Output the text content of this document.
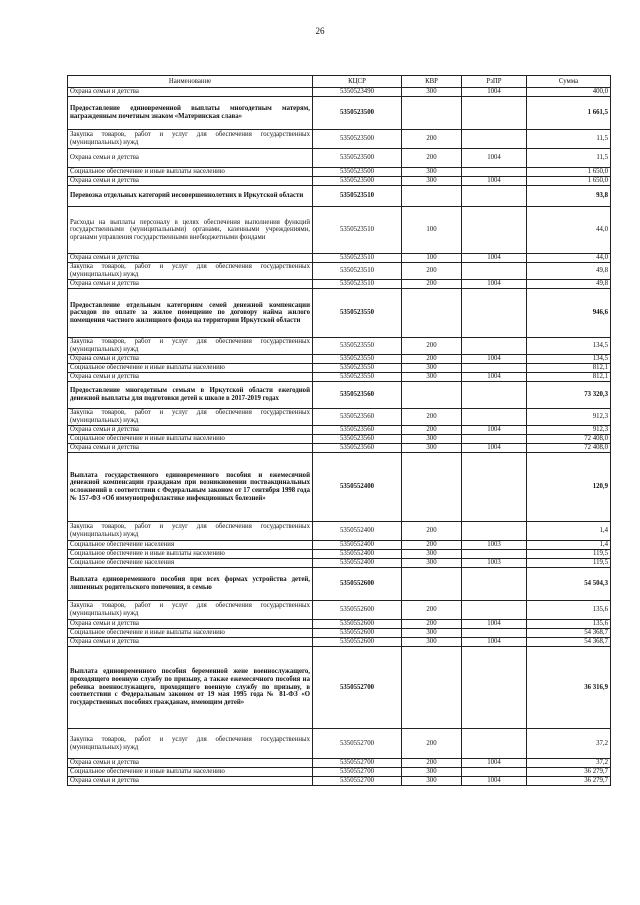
26
Наименование	КЦСР	КВР	РзПР	Сумма
Охрана семьи и детства	5350523490	300	1004	400,0
Предоставление единовременной выплаты многодетным матерям, награжденным почетным знаком «Материнская слава»	5350523500			1 661,5
Закупка товаров, работ и услуг для обеспечения государственных (муниципальных) нужд	5350523500	200		11,5
Охрана семьи и детства	5350523500	200	1004	11,5
Социальное обеспечение и иные выплаты населению	5350523500	300		1 650,0
Охрана семьи и детства	5350523500	300	1004	1 650,0
Перевозка отдельных категорий несовершеннолетних в Иркутской области	5350523510			93,8
Расходы на выплаты персоналу в целях обеспечения выполнения функций государственными (муниципальными) органами, казенными учреждениями, органами управления государственными внебюджетными фондами	5350523510	100		44,0
Охрана семьи и детства	5350523510	100	1004	44,0
Закупка товаров, работ и услуг для обеспечения государственных (муниципальных) нужд	5350523510	200		49,8
Охрана семьи и детства	5350523510	200	1004	49,8
Предоставление отдельным категориям семей денежной компенсации расходов по оплате за жилое помещение по договору найма жилого помещения частного жилищного фонда на территории Иркутской области	5350523550			946,6
Закупка товаров, работ и услуг для обеспечения государственных (муниципальных) нужд	5350523550	200		134,5
Охрана семьи и детства	5350523550	200	1004	134,5
Социальное обеспечение и иные выплаты населению	5350523550	300		812,1
Охрана семьи и детства	5350523550	300	1004	812,1
Предоставление многодетным семьям в Иркутской области ежегодной денежной выплаты для подготовки детей к школе в 2017-2019 годах	5350523560			73 320,3
Закупка товаров, работ и услуг для обеспечения государственных (муниципальных) нужд	5350523560	200		912,3
Охрана семьи и детства	5350523560	200	1004	912,3
Социальное обеспечение и иные выплаты населению	5350523560	300		72 408,0
Охрана семьи и детства	5350523560	300	1004	72 408,0
Выплата государственного единовременного пособия и ежемесячной денежной компенсации гражданам при возникновении поствакцинальных осложнений в соответствии с Федеральным законом от 17 сентября 1998 года № 157-ФЗ «Об иммунопрофилактике инфекционных болезней»	5350552400			120,9
Закупка товаров, работ и услуг для обеспечения государственных (муниципальных) нужд	5350552400	200		1,4
Социальное обеспечение населения	5350552400	200	1003	1,4
Социальное обеспечение и иные выплаты населению	5350552400	300		119,5
Социальное обеспечение населения	5350552400	300	1003	119,5
Выплата единовременного пособия при всех формах устройства детей, лишенных родительского попечения, в семью	5350552600			54 504,3
Закупка товаров, работ и услуг для обеспечения государственных (муниципальных) нужд	5350552600	200		135,6
Охрана семьи и детства	5350552600	200	1004	135,6
Социальное обеспечение и иные выплаты населению	5350552600	300		54 368,7
Охрана семьи и детства	5350552600	300	1004	54 368,7
Выплата единовременного пособия беременной жене военнослужащего, проходящего военную службу по призыву, а также ежемесячного пособия на ребенка военнослужащего, проходящего военную службу по призыву, в соответствии с Федеральным законом от 19 мая 1995 года № 81-ФЗ «О государственных пособиях гражданам, имеющим детей»	5350552700			36 316,9
Закупка товаров, работ и услуг для обеспечения государственных (муниципальных) нужд	5350552700	200		37,2
Охрана семьи и детства	5350552700	200	1004	37,2
Социальное обеспечение и иные выплаты населению	5350552700	300		36 279,7
Охрана семьи и детства	5350552700	300	1004	36 279,7
